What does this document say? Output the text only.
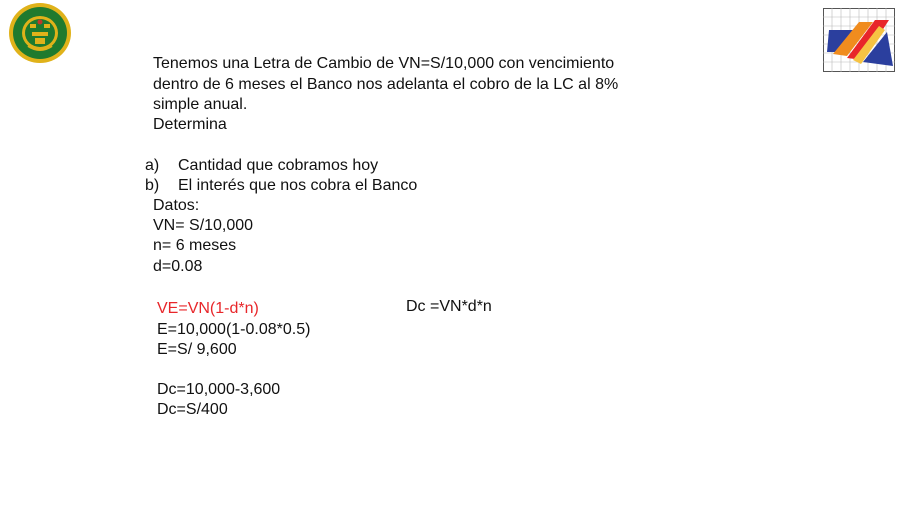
Tenemos una Letra de Cambio de VN=S/10,000 con vencimiento
dentro de 6 meses el Banco nos adelanta el cobro de la LC al 8%
simple anual.
Determina
a) Cantidad que cobramos hoy
b) El interés que nos cobra el Banco
Datos:
VN= S/10,000
n= 6 meses
d=0.08
VE=VN(1-d*n)
E=10,000(1-0.08*0.5)
E=S/ 9,600
Dc =VN*d*n
Dc=10,000-3,600
Dc=S/400
